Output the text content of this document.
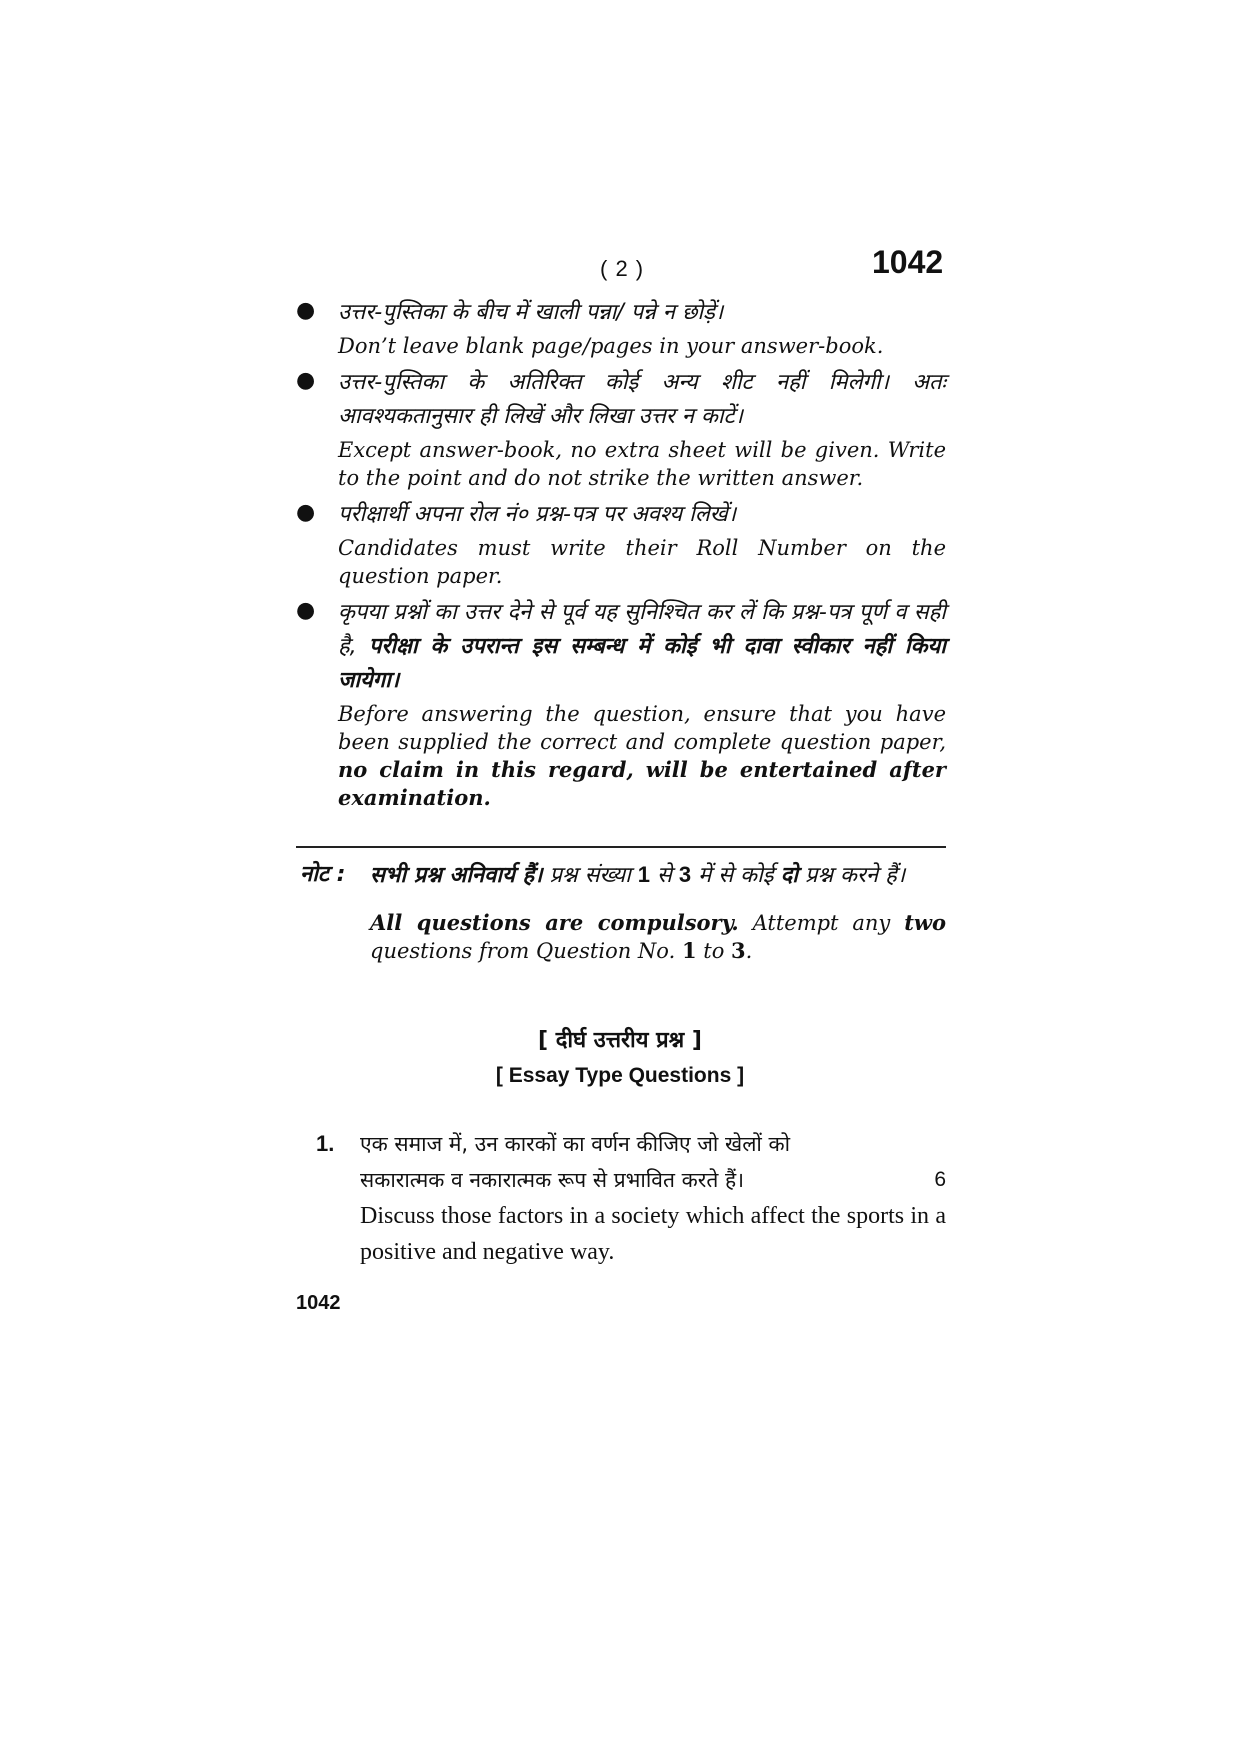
( 2 )	1042
● उत्तर-पुस्तिका के बीच में खाली पन्ना/ पन्ने न छोड़ें।
Don’t leave blank page/pages in your answer-book.
● उत्तर-पुस्तिका के अतिरिक्त कोई अन्य शीट नहीं मिलेगी। अतः आवश्यकतानुसार ही लिखें और लिखा उत्तर न काटें।
Except answer-book, no extra sheet will be given. Write to the point and do not strike the written answer.
● परीक्षार्थी अपना रोल नं० प्रश्न-पत्र पर अवश्य लिखें।
Candidates must write their Roll Number on the question paper.
● कृपया प्रश्नों का उत्तर देने से पूर्व यह सुनिश्चित कर लें कि प्रश्न-पत्र पूर्ण व सही है, परीक्षा के उपरान्त इस सम्बन्ध में कोई भी दावा स्वीकार नहीं किया जायेगा।
Before answering the question, ensure that you have been supplied the correct and complete question paper, no claim in this regard, will be entertained after examination.
नोट : सभी प्रश्न अनिवार्य हैं। प्रश्न संख्या 1 से 3 में से कोई दो प्रश्न करने हैं।
All questions are compulsory. Attempt any two questions from Question No. 1 to 3.
[ दीर्घ उत्तरीय प्रश्न ]
[ Essay Type Questions ]
1. एक समाज में, उन कारकों का वर्णन कीजिए जो खेलों को
सकारात्मक व नकारात्मक रूप से प्रभावित करते हैं।	6
Discuss those factors in a society which affect the sports in a positive and negative way.
1042
